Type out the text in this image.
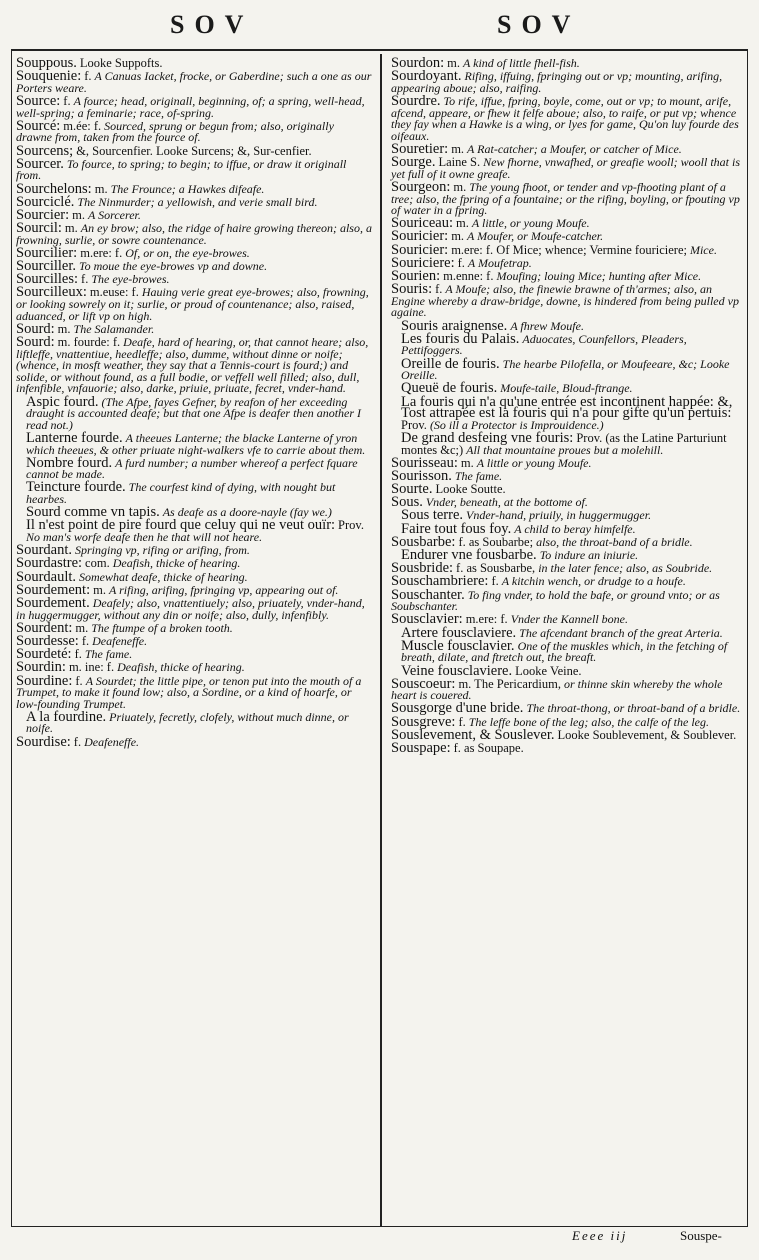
SOV	SOV
Souppous. Looke Suppofts.
Souquenie: f. A Canuas Iacket, frocke, or Gaberdine; such a one as our Porters weare.
Source: f. A fource; head, originall, beginning, of; a spring, well-head, well-spring; a feminarie; race, of-spring.
Sourcé: m.ée: f. Sourced, sprung or begun from; also, originally drawne from, taken from the fource of.
Sourcens; &, Sourcenfier. Looke Surcens; &, Sur-cenfier.
Sourcer. To fource, to spring; to begin; to iffue, or draw it originall from.
Sourchelons: m. The Frounce; a Hawkes difeafe.
Sourciclé. The Ninmurder; a yellowish, and verie small bird.
Sourcier: m. A Sorcerer.
Sourcil: m. An ey brow; also, the ridge of haire growing thereon; also, a frowning, surlie, or sowre countenance.
Sourcilier: m.ere: f. Of, or on, the eye-browes.
Sourciller. To moue the eye-browes vp and downe.
Sourcilles: f. The eye-browes.
Sourcilleux: m.euse: f. Hauing verie great eye-browes; also, frowning, or looking sowrely on it; surlie, or proud of countenance; also, raised, aduanced, or lift vp on high.
Sourd: m. The Salamander.
Sourd: m. fourde: f. Deafe, hard of hearing, or, that cannot heare; also, liftleffe, vnattentiue, heedleffe; also, dumme, without dinne or noife; (whence, in mosft weather, they say that a Tennis-court is fourd;) and solide, or without found, as a full bodie, or veffell well filled; also, dull, infenfible, vnfauorie; also, darke, priuie, priuate, fecret, vnder-hand.
Aspic fourd. (The Afpe, fayes Gefner, by reafon of her exceeding draught is accounted deafe; but that one Afpe is deafer then another I read not.)
Lanterne fourde. A theeues Lanterne; the blacke Lanterne of yron which theeues, & other priuate night-walkers vfe to carrie about them.
Nombre fourd. A furd number; a number whereof a perfect fquare cannot be made.
Teincture fourde. The courfest kind of dying, with nought but hearbes.
Sourd comme vn tapis. As deafe as a doore-nayle (fay we.)
Il n'est point de pire fourd que celuy qui ne veut ouïr: Prov. No man's worfe deafe then he that will not heare.
Sourdant. Springing vp, rifing or arifing, from.
Sourdastre: com. Deafish, thicke of hearing.
Sourdault. Somewhat deafe, thicke of hearing.
Sourdement: m. A rifing, arifing, fpringing vp, appearing out of.
Sourdement. Deafely; also, vnattentiuely; also, priuately, vnder-hand, in huggermugger, without any din or noife; also, dully, infenfibly.
Sourdent: m. The ftumpe of a broken tooth.
Sourdesse: f. Deafeneffe.
Sourdeté: f. The fame.
Sourdin: m. ine: f. Deafish, thicke of hearing.
Sourdine: f. A Sourdet; the little pipe, or tenon put into the mouth of a Trumpet, to make it found low; also, a Sordine, or a kind of hoarfe, or low-founding Trumpet.
A la fourdine. Priuately, fecretly, clofely, without much dinne, or noife.
Sourdise: f. Deafeneffe.
Sourdon: m. A kind of little fhell-fish.
Sourdoyant. Rifing, iffuing, fpringing out or vp; mounting, arifing, appearing aboue; also, raifing.
Sourdre. To rife, iffue, fpring, boyle, come, out or vp; to mount, arife, afcend, appeare, or fhew it felfe aboue; also, to raife, or put vp; whence they fay when a Hawke is a wing, or lyes for game, Qu'on luy fourde des oifeaux.
Souretier: m. A Rat-catcher; a Moufer, or catcher of Mice.
Sourge. Laine S. New fhorne, vnwafhed, or greafie wooll; wooll that is yet full of it owne greafe.
Sourgeon: m. The young fhoot, or tender and vp-fhooting plant of a tree; also, the fpring of a fountaine; or the rifing, boyling, or fpouting vp of water in a fpring.
Souriceau: m. A little, or young Moufe.
Souricier: m. A Moufer, or Moufe-catcher.
Souricier: m.ere: f. Of Mice; whence; Vermine fouriciere; Mice.
Souriciere: f. A Moufetrap.
Sourien: m.enne: f. Moufing; louing Mice; hunting after Mice.
Souris: f. A Moufe; also, the finewie brawne of th'armes; also, an Engine whereby a draw-bridge, downe, is hindered from being pulled vp againe.
Souris araignense. A fhrew Moufe.
Les fouris du Palais. Aduocates, Counfellors, Pleaders, Pettifoggers.
Oreille de fouris. The hearbe Pilofella, or Moufeeare, &c; Looke Oreille.
Queuë de fouris. Moufe-taile, Bloud-ftrange.
La fouris qui n'a qu'une entrée est incontinent happée: &, Tost attrapée est la fouris qui n'a pour gifte qu'un pertuis: Prov. (So ill a Protector is Improuidence.)
De grand desfeing vne fouris: Prov. (as the Latine Parturiunt montes &c;) All that mountaine proues but a molehill.
Sourisseau: m. A little or young Moufe.
Sourisson. The fame.
Sourte. Looke Soutte.
Sous. Vnder, beneath, at the bottome of.
Sous terre. Vnder-hand, priuily, in huggermugger.
Faire tout fous foy. A child to beray himfelfe.
Sousbarbe: f. as Soubarbe; also, the throat-band of a bridle.
Endurer vne fousbarbe. To indure an iniurie.
Sousbride: f. as Sousbarbe, in the later fence; also, as Soubride.
Souschambriere: f. A kitchin wench, or drudge to a houfe.
Souschanter. To fing vnder, to hold the bafe, or ground vnto; or as Soubschanter.
Sousclavier: m.ere: f. Vnder the Kannell bone.
Artere fousclaviere. The afcendant branch of the great Arteria.
Muscle fousclavier. One of the muskles which, in the fetching of breath, dilate, and ftretch out, the breaft.
Veine fousclaviere. Looke Veine.
Souscoeur: m. The Pericardium, or thinne skin whereby the whole heart is couered.
Sousgorge d'une bride. The throat-thong, or throat-band of a bridle.
Sousgreve: f. The leffe bone of the leg; also, the calfe of the leg.
Souslevement, & Souslever. Looke Soublevement, & Soublever.
Souspape: f. as Soupape.
Eeee iij	Souspe-
